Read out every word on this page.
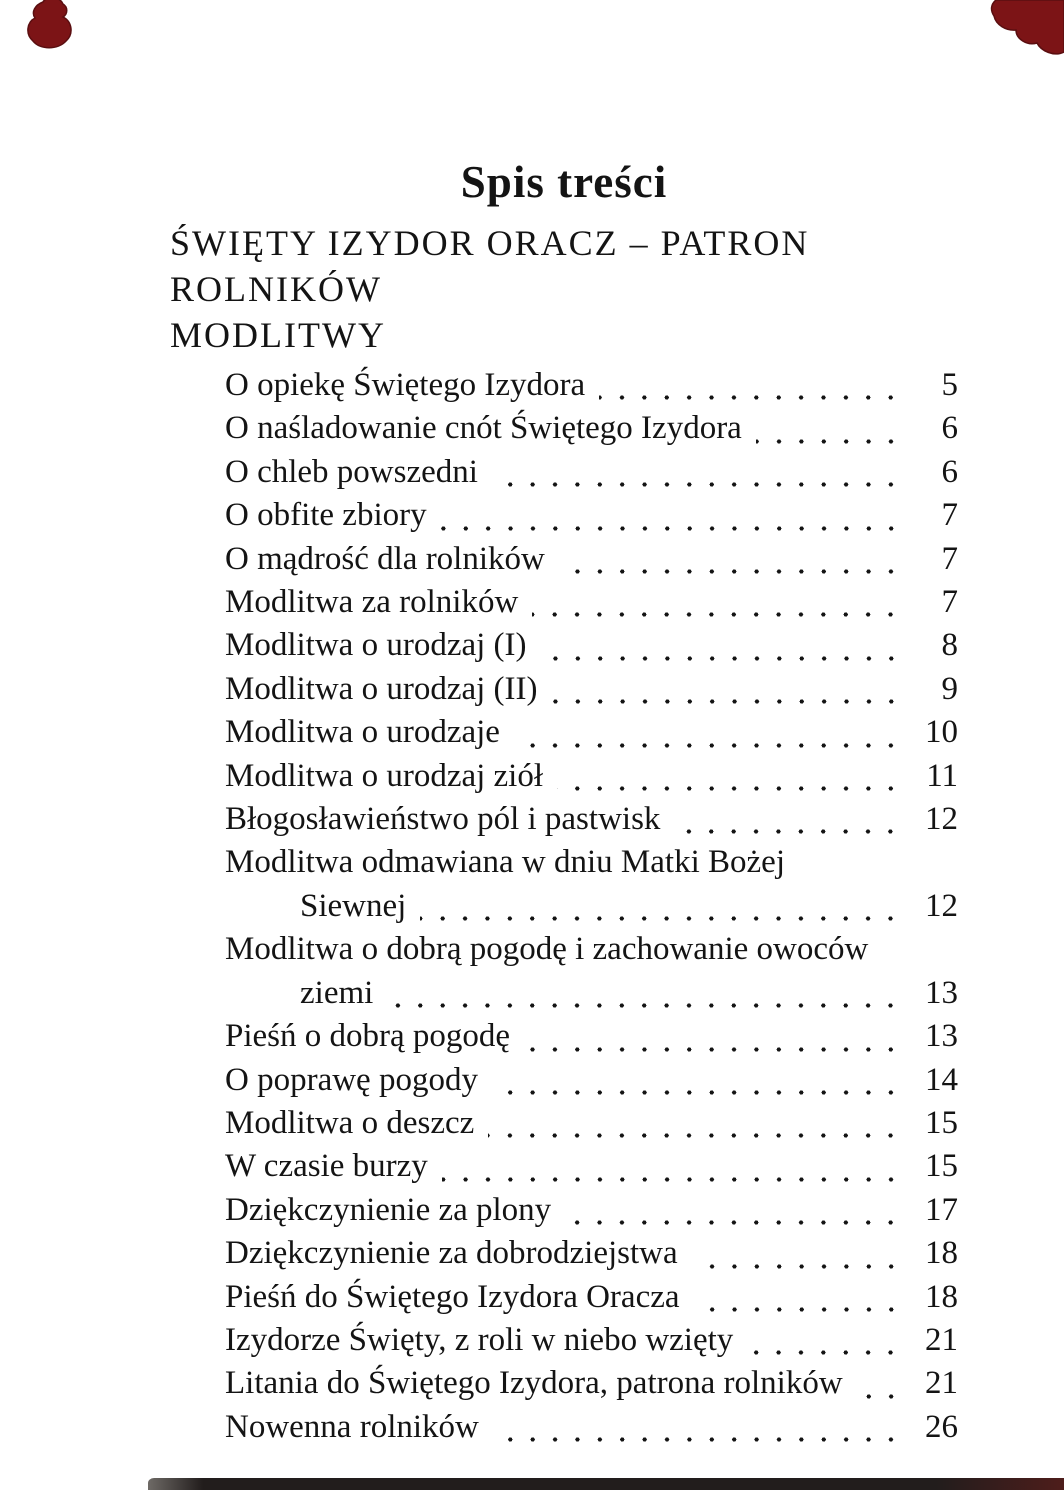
Spis treści
ŚWIĘTY IZYDOR ORACZ – PATRON
ROLNIKÓW
MODLITWY
O opiekę Świętego Izydora	5
O naśladowanie cnót Świętego Izydora	6
O chleb powszedni	6
O obfite zbiory	7
O mądrość dla rolników	7
Modlitwa za rolników	7
Modlitwa o urodzaj (I)	8
Modlitwa o urodzaj (II)	9
Modlitwa o urodzaje	10
Modlitwa o urodzaj ziół	11
Błogosławieństwo pól i pastwisk	12
Modlitwa odmawiana w dniu Matki Bożej
Siewnej	12
Modlitwa o dobrą pogodę i zachowanie owoców
ziemi	13
Pieśń o dobrą pogodę	13
O poprawę pogody	14
Modlitwa o deszcz	15
W czasie burzy	15
Dziękczynienie za plony	17
Dziękczynienie za dobrodziejstwa	18
Pieśń do Świętego Izydora Oracza	18
Izydorze Święty, z roli w niebo wzięty	21
Litania do Świętego Izydora, patrona rolników	21
Nowenna rolników	26
